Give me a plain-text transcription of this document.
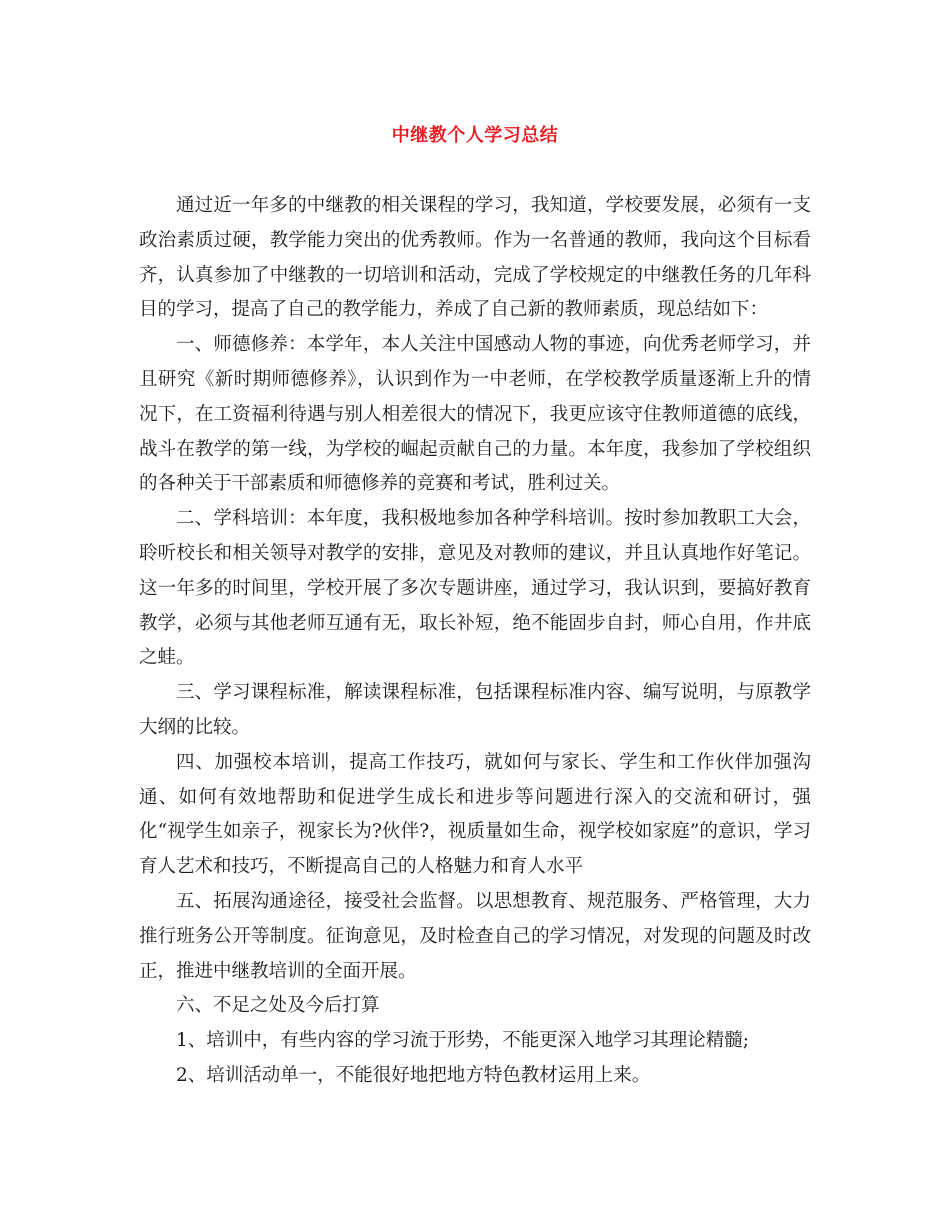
中继教个人学习总结

通过近一年多的中继教的相关课程的学习，我知道，学校要发展，必须有一支政治素质过硬，教学能力突出的优秀教师。作为一名普通的教师，我向这个目标看齐，认真参加了中继教的一切培训和活动，完成了学校规定的中继教任务的几年科目的学习，提高了自己的教学能力，养成了自己新的教师素质，现总结如下：

一、师德修养：本学年，本人关注中国感动人物的事迹，向优秀老师学习，并且研究《新时期师德修养》，认识到作为一中老师，在学校教学质量逐渐上升的情况下，在工资福利待遇与别人相差很大的情况下，我更应该守住教师道德的底线，战斗在教学的第一线，为学校的崛起贡献自己的力量。本年度，我参加了学校组织的各种关于干部素质和师德修养的竞赛和考试，胜利过关。

二、学科培训：本年度，我积极地参加各种学科培训。按时参加教职工大会，聆听校长和相关领导对教学的安排，意见及对教师的建议，并且认真地作好笔记。这一年多的时间里，学校开展了多次专题讲座，通过学习，我认识到，要搞好教育教学，必须与其他老师互通有无，取长补短，绝不能固步自封，师心自用，作井底之蛙。

三、学习课程标准，解读课程标准，包括课程标准内容、编写说明，与原教学大纲的比较。

四、加强校本培训，提高工作技巧，就如何与家长、学生和工作伙伴加强沟通、如何有效地帮助和促进学生成长和进步等问题进行深入的交流和研讨，强化“视学生如亲子，视家长为?伙伴?，视质量如生命，视学校如家庭”的意识，学习育人艺术和技巧，不断提高自己的人格魅力和育人水平

五、拓展沟通途径，接受社会监督。以思想教育、规范服务、严格管理，大力推行班务公开等制度。征询意见，及时检查自己的学习情况，对发现的问题及时改正，推进中继教培训的全面开展。

六、不足之处及今后打算

1、培训中，有些内容的学习流于形势，不能更深入地学习其理论精髓;

2、培训活动单一，不能很好地把地方特色教材运用上来。
